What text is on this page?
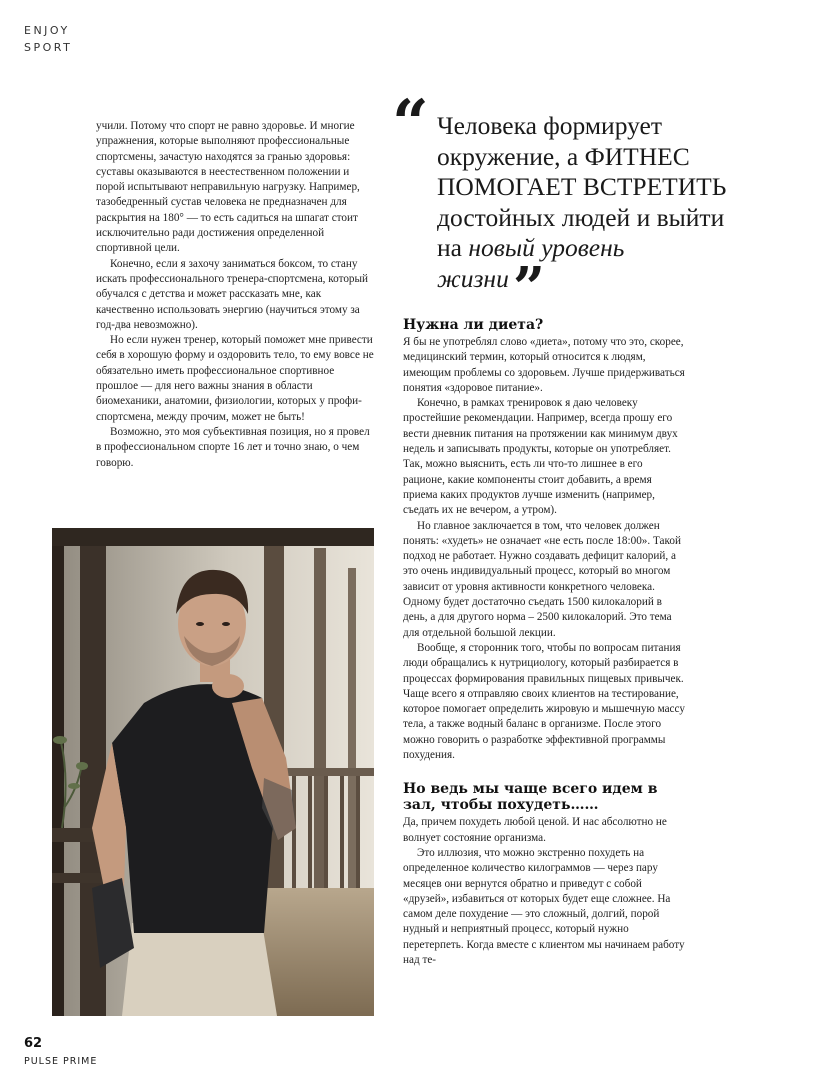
ENJOY
SPORT

учили. Потому что спорт не равно здоровье. И многие упражнения, которые выполняют профессиональные спортсмены, зачастую находятся за гранью здоровья: суставы оказываются в неестественном положении и порой испытывают неправильную нагрузку. Например, тазобедренный сустав человека не предназначен для раскрытия на 180° — то есть садиться на шпагат стоит исключительно ради достижения определенной спортивной цели.

Конечно, если я захочу заниматься боксом, то стану искать профессионального тренера-спортсмена, который обучался с детства и может рассказать мне, как качественно использовать энергию (научиться этому за год-два невозможно).

Но если нужен тренер, который поможет мне привести себя в хорошую форму и оздоровить тело, то ему вовсе не обязательно иметь профессиональное спортивное прошлое — для него важны знания в области биомеханики, анатомии, физиологии, которых у профи-спортсмена, между прочим, может не быть!

Возможно, это моя субъективная позиция, но я провел в профессиональном спорте 16 лет и точно знаю, о чем говорю.

“ Человека формирует окружение, а ФИТНЕС ПОМОГАЕТ ВСТРЕТИТЬ достойных людей и выйти на новый уровень жизни”
Нужна ли диета?

Я бы не употреблял слово «диета», потому что это, скорее, медицинский термин, который относится к людям, имеющим проблемы со здоровьем. Лучше придерживаться понятия «здоровое питание».

Конечно, в рамках тренировок я даю человеку простейшие рекомендации. Например, всегда прошу его вести дневник питания на протяжении как минимум двух недель и записывать продукты, которые он употребляет. Так, можно выяснить, есть ли что-то лишнее в его рационе, какие компоненты стоит добавить, а время приема каких продуктов лучше изменить (например, съедать их не вечером, а утром).

Но главное заключается в том, что человек должен понять: «худеть» не означает «не есть после 18:00». Такой подход не работает. Нужно создавать дефицит калорий, а это очень индивидуальный процесс, который во многом зависит от уровня активности конкретного человека. Одному будет достаточно съедать 1500 килокалорий в день, а для другого норма – 2500 килокалорий. Это тема для отдельной большой лекции.

Вообще, я сторонник того, чтобы по вопросам питания люди обращались к нутрициологу, который разбирается в процессах формирования правильных пищевых привычек. Чаще всего я отправляю своих клиентов на тестирование, которое помогает определить жировую и мышечную массу тела, а также водный баланс в организме. После этого можно говорить о разработке эффективной программы похудения.

Но ведь мы чаще всего идем в зал, чтобы похудеть……

Да, причем похудеть любой ценой. И нас абсолютно не волнует состояние организма.

Это иллюзия, что можно экстренно похудеть на определенное количество килограммов — через пару месяцев они вернутся обратно и приведут с собой «друзей», избавиться от которых будет еще сложнее. На самом деле похудение — это сложный, долгий, порой нудный и неприятный процесс, который нужно перетерпеть. Когда вместе с клиентом мы начинаем работу над те-

62
PULSE PRIME
